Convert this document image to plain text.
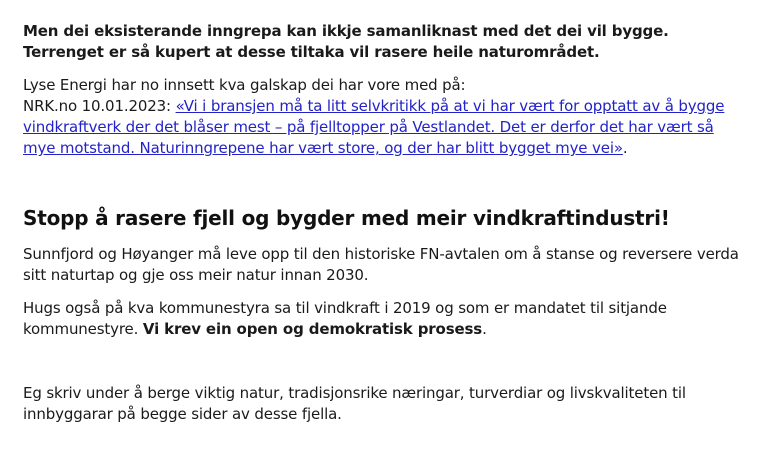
Men dei eksisterande inngrepa kan ikkje samanliknast med det dei vil bygge. Terrenget er så kupert at desse tiltaka vil rasere heile naturområdet.

Lyse Energi har no innsett kva galskap dei har vore med på:
NRK.no 10.01.2023: «Vi i bransjen må ta litt selvkritikk på at vi har vært for opptatt av å bygge vindkraftverk der det blåser mest – på fjelltopper på Vestlandet. Det er derfor det har vært så mye motstand. Naturinngrepene har vært store, og der har blitt bygget mye vei».

Stopp å rasere fjell og bygder med meir vindkraftindustri!

Sunnfjord og Høyanger må leve opp til den historiske FN-avtalen om å stanse og reversere verda sitt naturtap og gje oss meir natur innan 2030.

Hugs også på kva kommunestyra sa til vindkraft i 2019 og som er mandatet til sitjande kommunestyre. Vi krev ein open og demokratisk prosess.

Eg skriv under å berge viktig natur, tradisjonsrike næringar, turverdiar og livskvaliteten til innbyggarar på begge sider av desse fjella.
